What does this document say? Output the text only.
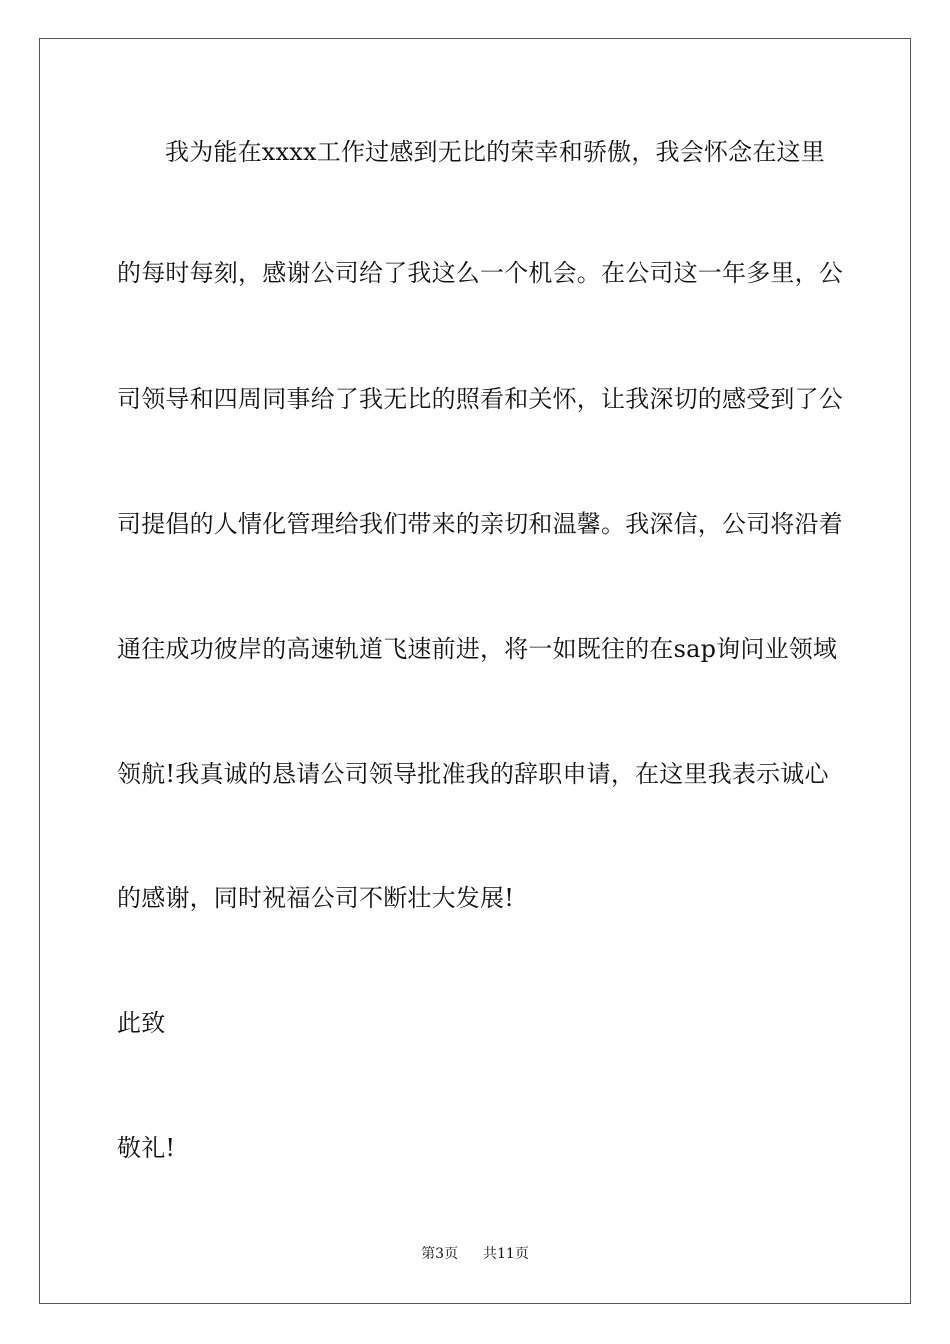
我为能在xxxx工作过感到无比的荣幸和骄傲，我会怀念在这里
的每时每刻，感谢公司给了我这么一个机会。在公司这一年多里，公
司领导和四周同事给了我无比的照看和关怀，让我深切的感受到了公
司提倡的人情化管理给我们带来的亲切和温馨。我深信，公司将沿着
通往成功彼岸的高速轨道飞速前进，将一如既往的在sap询问业领域
领航!我真诚的恳请公司领导批准我的辞职申请，在这里我表示诚心
的感谢，同时祝福公司不断壮大发展!
此致
敬礼!
第3页 共11页
